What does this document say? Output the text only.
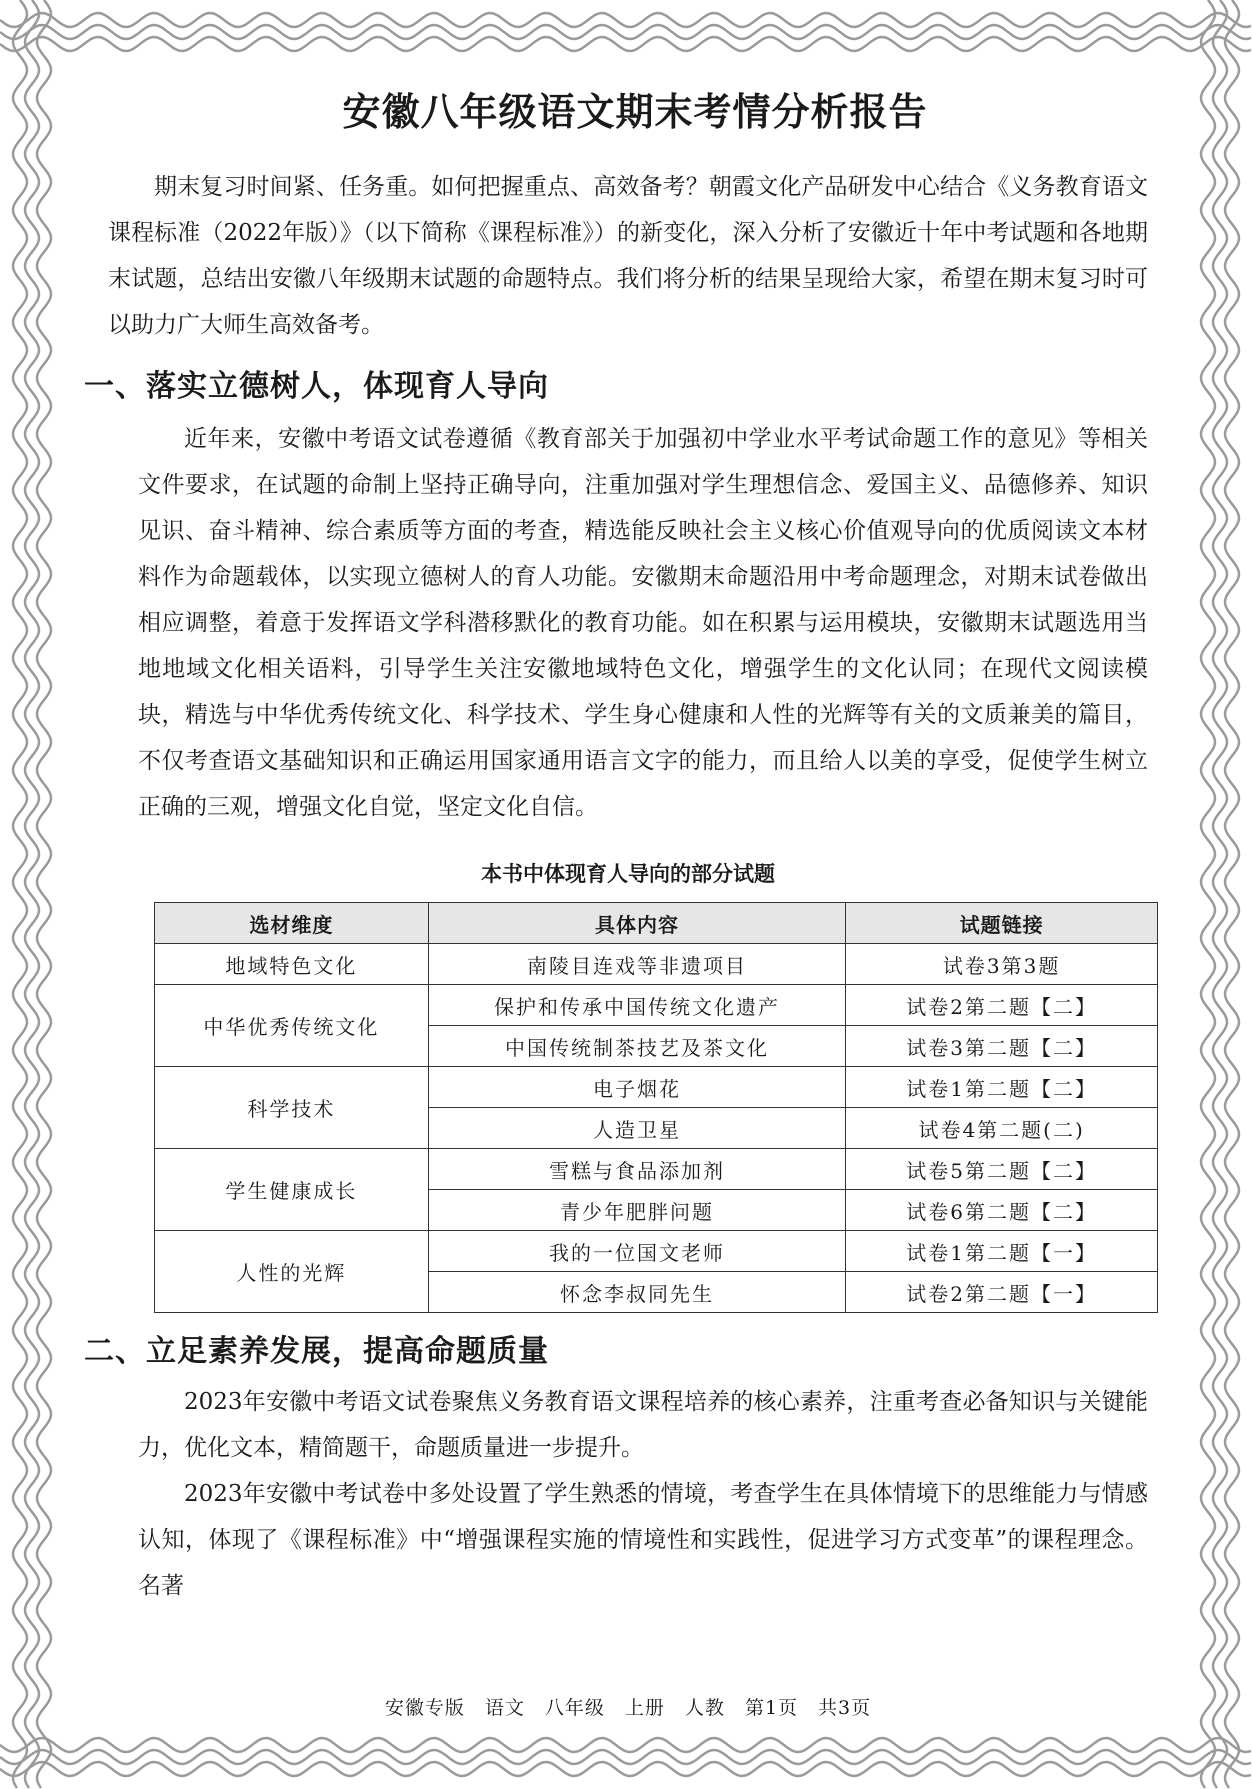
安徽八年级语文期末考情分析报告

期末复习时间紧、任务重。如何把握重点、高效备考？朝霞文化产品研发中心结合《义务教育语文课程标准（2022年版）》（以下简称《课程标准》）的新变化，深入分析了安徽近十年中考试题和各地期末试题，总结出安徽八年级期末试题的命题特点。我们将分析的结果呈现给大家，希望在期末复习时可以助力广大师生高效备考。

一、落实立德树人，体现育人导向

近年来，安徽中考语文试卷遵循《教育部关于加强初中学业水平考试命题工作的意见》等相关文件要求，在试题的命制上坚持正确导向，注重加强对学生理想信念、爱国主义、品德修养、知识见识、奋斗精神、综合素质等方面的考查，精选能反映社会主义核心价值观导向的优质阅读文本材料作为命题载体，以实现立德树人的育人功能。安徽期末命题沿用中考命题理念，对期末试卷做出相应调整，着意于发挥语文学科潜移默化的教育功能。如在积累与运用模块，安徽期末试题选用当地地域文化相关语料，引导学生关注安徽地域特色文化，增强学生的文化认同；在现代文阅读模块，精选与中华优秀传统文化、科学技术、学生身心健康和人性的光辉等有关的文质兼美的篇目，不仅考查语文基础知识和正确运用国家通用语言文字的能力，而且给人以美的享受，促使学生树立正确的三观，增强文化自觉，坚定文化自信。

本书中体现育人导向的部分试题
选材维度	具体内容	试题链接
地域特色文化	南陵目连戏等非遗项目	试卷3第3题
中华优秀传统文化	保护和传承中国传统文化遗产	试卷2第二题【二】
	中国传统制茶技艺及茶文化	试卷3第二题【二】
科学技术	电子烟花	试卷1第二题【二】
	人造卫星	试卷4第二题(二)
学生健康成长	雪糕与食品添加剂	试卷5第二题【二】
	青少年肥胖问题	试卷6第二题【二】
人性的光辉	我的一位国文老师	试卷1第二题【一】
	怀念李叔同先生	试卷2第二题【一】
二、立足素养发展，提高命题质量

2023年安徽中考语文试卷聚焦义务教育语文课程培养的核心素养，注重考查必备知识与关键能力，优化文本，精简题干，命题质量进一步提升。

2023年安徽中考试卷中多处设置了学生熟悉的情境，考查学生在具体情境下的思维能力与情感认知，体现了《课程标准》中“增强课程实施的情境性和实践性，促进学习方式变革”的课程理念。名著

安徽专版 语文 八年级 上册 人教 第1页 共3页
